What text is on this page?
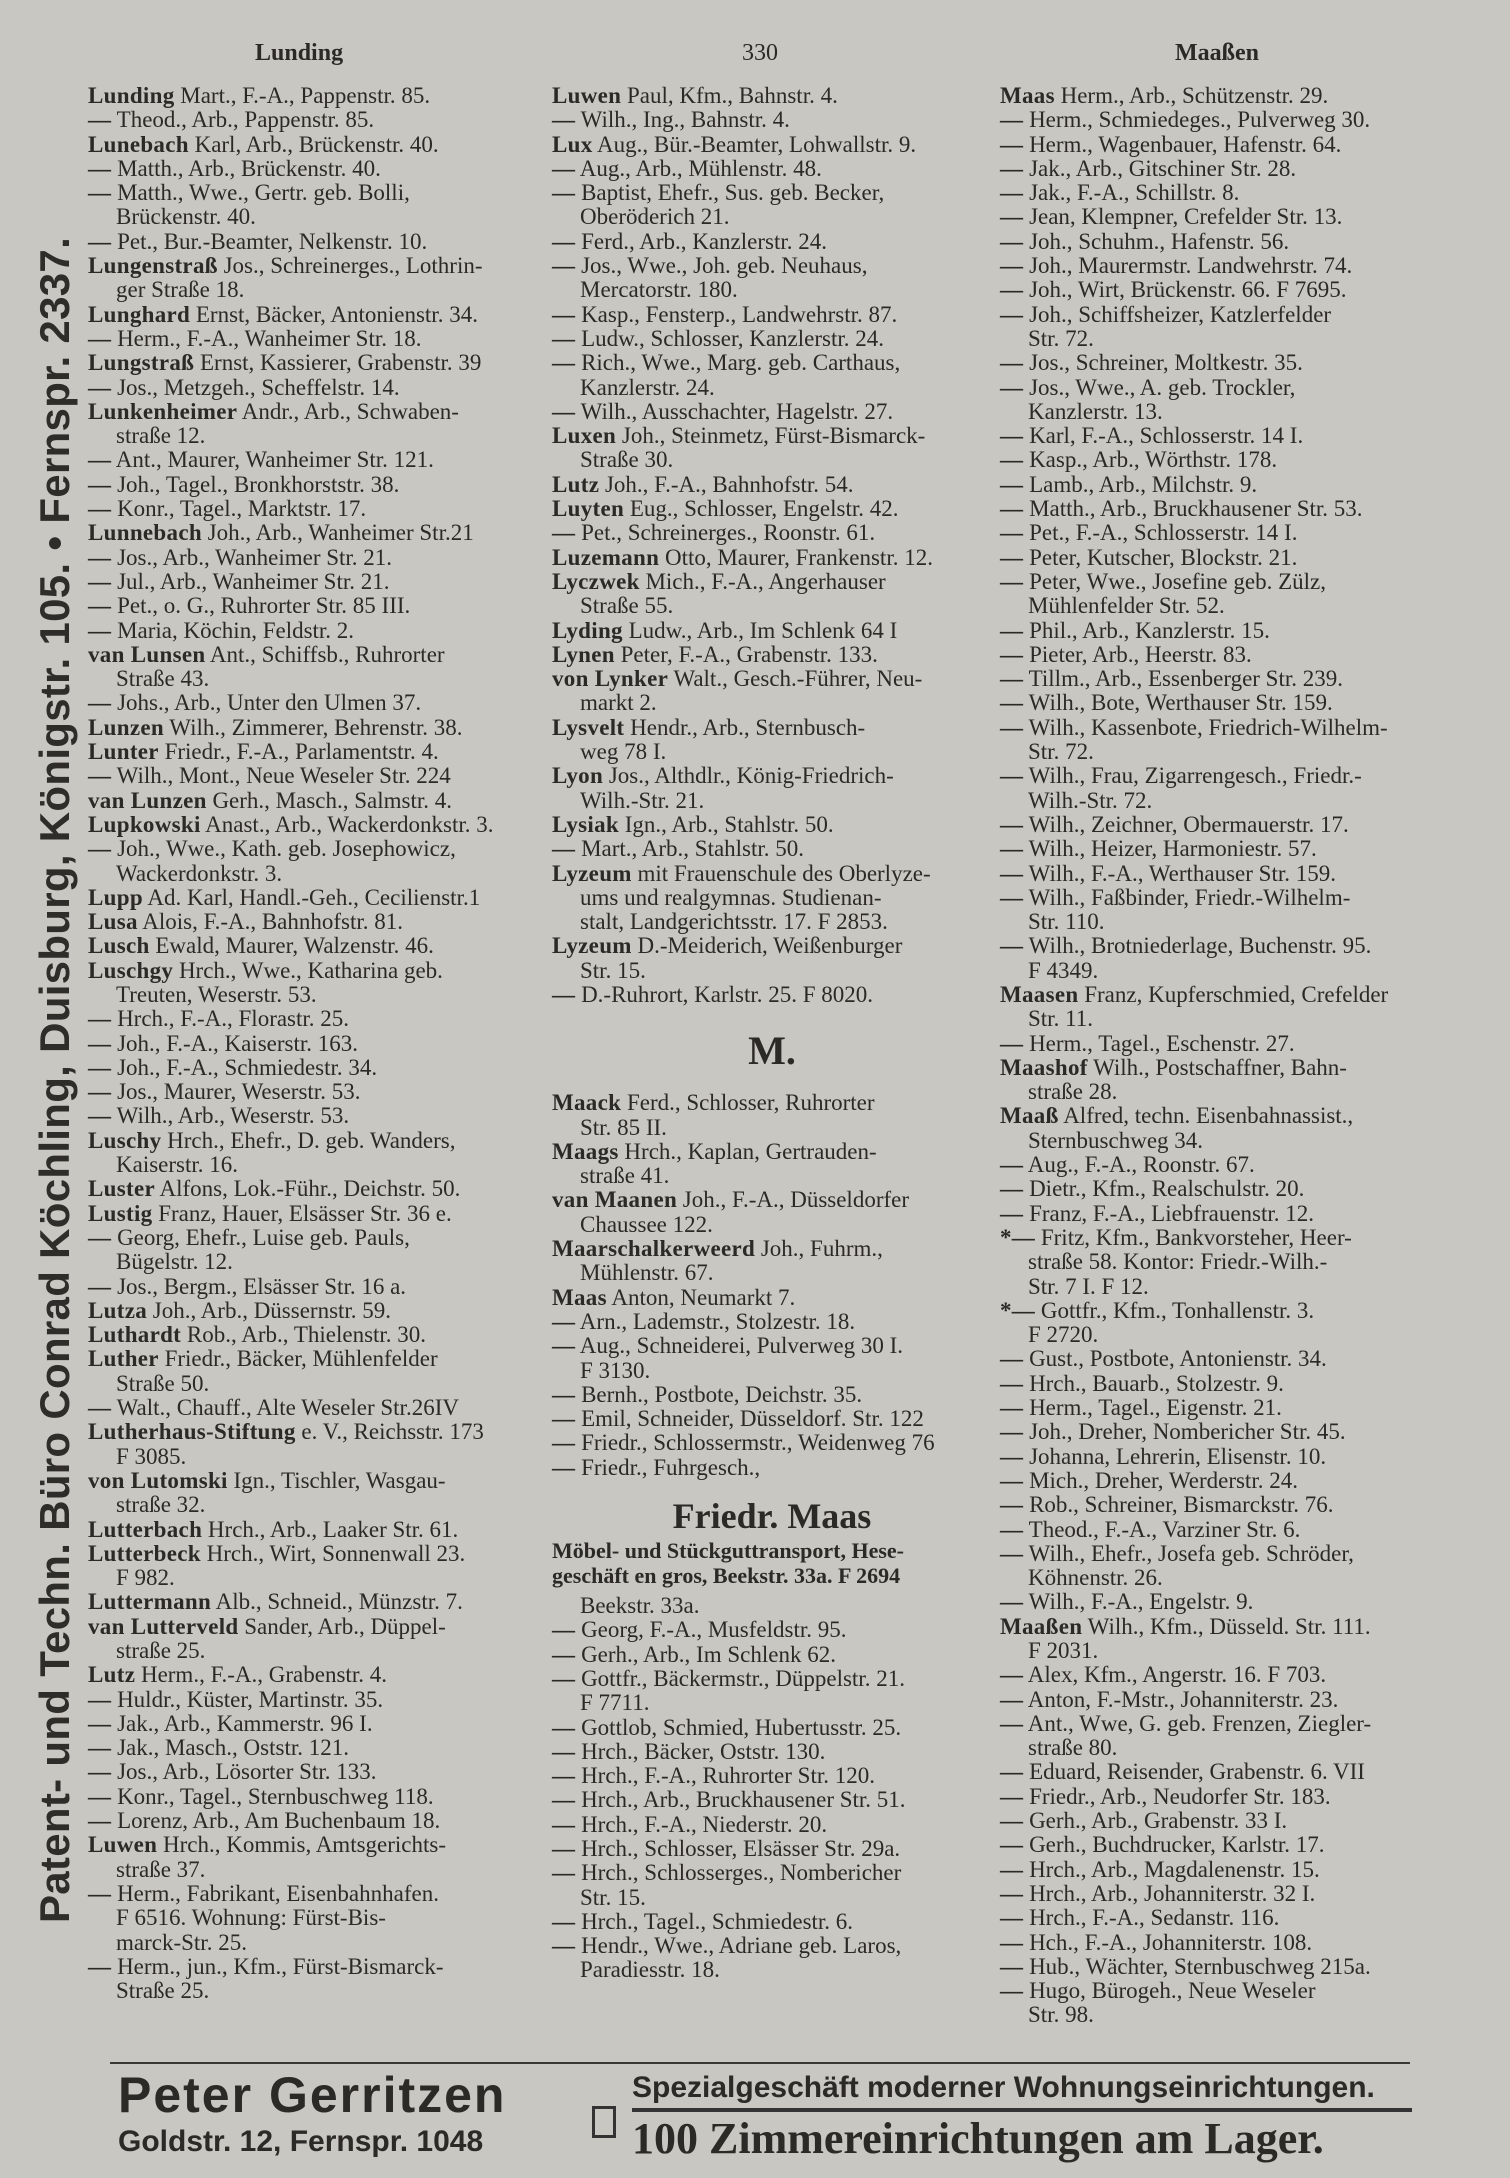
Patent- und Techn. Büro Conrad Köchling, Duisburg, Königstr. 105. • Fernspr. 2337.
Lunding	330	Maaßen
Lunding Mart., F.-A., Pappenstr. 85.
— Theod., Arb., Pappenstr. 85.
Lunebach Karl, Arb., Brückenstr. 40.
— Matth., Arb., Brückenstr. 40.
— Matth., Wwe., Gertr. geb. Bolli,
Brückenstr. 40.
— Pet., Bur.-Beamter, Nelkenstr. 10.
Lungenstraß Jos., Schreinerges., Lothrin-
ger Straße 18.
Lunghard Ernst, Bäcker, Antonienstr. 34.
— Herm., F.-A., Wanheimer Str. 18.
Lungstraß Ernst, Kassierer, Grabenstr. 39
— Jos., Metzgeh., Scheffelstr. 14.
Lunkenheimer Andr., Arb., Schwaben-
straße 12.
— Ant., Maurer, Wanheimer Str. 121.
— Joh., Tagel., Bronkhorststr. 38.
— Konr., Tagel., Marktstr. 17.
Lunnebach Joh., Arb., Wanheimer Str.21
— Jos., Arb., Wanheimer Str. 21.
— Jul., Arb., Wanheimer Str. 21.
— Pet., o. G., Ruhrorter Str. 85 III.
— Maria, Köchin, Feldstr. 2.
van Lunsen Ant., Schiffsb., Ruhrorter
Straße 43.
— Johs., Arb., Unter den Ulmen 37.
Lunzen Wilh., Zimmerer, Behrenstr. 38.
Lunter Friedr., F.-A., Parlamentstr. 4.
— Wilh., Mont., Neue Weseler Str. 224
van Lunzen Gerh., Masch., Salmstr. 4.
Lupkowski Anast., Arb., Wackerdonkstr. 3.
— Joh., Wwe., Kath. geb. Josephowicz,
Wackerdonkstr. 3.
Lupp Ad. Karl, Handl.-Geh., Cecilienstr.1
Lusa Alois, F.-A., Bahnhofstr. 81.
Lusch Ewald, Maurer, Walzenstr. 46.
Luschgy Hrch., Wwe., Katharina geb.
Treuten, Weserstr. 53.
— Hrch., F.-A., Florastr. 25.
— Joh., F.-A., Kaiserstr. 163.
— Joh., F.-A., Schmiedestr. 34.
— Jos., Maurer, Weserstr. 53.
— Wilh., Arb., Weserstr. 53.
Luschy Hrch., Ehefr., D. geb. Wanders,
Kaiserstr. 16.
Luster Alfons, Lok.-Führ., Deichstr. 50.
Lustig Franz, Hauer, Elsässer Str. 36 e.
— Georg, Ehefr., Luise geb. Pauls,
Bügelstr. 12.
— Jos., Bergm., Elsässer Str. 16 a.
Lutza Joh., Arb., Düssernstr. 59.
Luthardt Rob., Arb., Thielenstr. 30.
Luther Friedr., Bäcker, Mühlenfelder
Straße 50.
— Walt., Chauff., Alte Weseler Str.26IV
Lutherhaus-Stiftung e. V., Reichsstr. 173
F 3085.
von Lutomski Ign., Tischler, Wasgau-
straße 32.
Lutterbach Hrch., Arb., Laaker Str. 61.
Lutterbeck Hrch., Wirt, Sonnenwall 23.
F 982.
Luttermann Alb., Schneid., Münzstr. 7.
van Lutterveld Sander, Arb., Düppel-
straße 25.
Lutz Herm., F.-A., Grabenstr. 4.
— Huldr., Küster, Martinstr. 35.
— Jak., Arb., Kammerstr. 96 I.
— Jak., Masch., Oststr. 121.
— Jos., Arb., Lösorter Str. 133.
— Konr., Tagel., Sternbuschweg 118.
— Lorenz, Arb., Am Buchenbaum 18.
Luwen Hrch., Kommis, Amtsgerichts-
straße 37.
— Herm., Fabrikant, Eisenbahnhafen.
F 6516. Wohnung: Fürst-Bis-
marck-Str. 25.
— Herm., jun., Kfm., Fürst-Bismarck-
Straße 25.
Luwen Paul, Kfm., Bahnstr. 4.
— Wilh., Ing., Bahnstr. 4.
Lux Aug., Bür.-Beamter, Lohwallstr. 9.
— Aug., Arb., Mühlenstr. 48.
— Baptist, Ehefr., Sus. geb. Becker,
Oberöderich 21.
— Ferd., Arb., Kanzlerstr. 24.
— Jos., Wwe., Joh. geb. Neuhaus,
Mercatorstr. 180.
— Kasp., Fensterp., Landwehrstr. 87.
— Ludw., Schlosser, Kanzlerstr. 24.
— Rich., Wwe., Marg. geb. Carthaus,
Kanzlerstr. 24.
— Wilh., Ausschachter, Hagelstr. 27.
Luxen Joh., Steinmetz, Fürst-Bismarck-
Straße 30.
Lutz Joh., F.-A., Bahnhofstr. 54.
Luyten Eug., Schlosser, Engelstr. 42.
— Pet., Schreinerges., Roonstr. 61.
Luzemann Otto, Maurer, Frankenstr. 12.
Lyczwek Mich., F.-A., Angerhauser
Straße 55.
Lyding Ludw., Arb., Im Schlenk 64 I
Lynen Peter, F.-A., Grabenstr. 133.
von Lynker Walt., Gesch.-Führer, Neu-
markt 2.
Lysvelt Hendr., Arb., Sternbusch-
weg 78 I.
Lyon Jos., Althdlr., König-Friedrich-
Wilh.-Str. 21.
Lysiak Ign., Arb., Stahlstr. 50.
— Mart., Arb., Stahlstr. 50.
Lyzeum mit Frauenschule des Oberlyze-
ums und realgymnas. Studienan-
stalt, Landgerichtsstr. 17. F 2853.
Lyzeum D.-Meiderich, Weißenburger
Str. 15.
— D.-Ruhrort, Karlstr. 25. F 8020.
M.
Maack Ferd., Schlosser, Ruhrorter
Str. 85 II.
Maags Hrch., Kaplan, Gertrauden-
straße 41.
van Maanen Joh., F.-A., Düsseldorfer
Chaussee 122.
Maarschalkerweerd Joh., Fuhrm.,
Mühlenstr. 67.
Maas Anton, Neumarkt 7.
— Arn., Lademstr., Stolzestr. 18.
— Aug., Schneiderei, Pulverweg 30 I.
F 3130.
— Bernh., Postbote, Deichstr. 35.
— Emil, Schneider, Düsseldorf. Str. 122
— Friedr., Schlossermstr., Weidenweg 76
— Friedr., Fuhrgesch.,
Friedr. Maas
Möbel- und Stückguttransport, Hese-
geschäft en gros, Beekstr. 33a. F 2694
Beekstr. 33a.
— Georg, F.-A., Musfeldstr. 95.
— Gerh., Arb., Im Schlenk 62.
— Gottfr., Bäckermstr., Düppelstr. 21.
F 7711.
— Gottlob, Schmied, Hubertusstr. 25.
— Hrch., Bäcker, Oststr. 130.
— Hrch., F.-A., Ruhrorter Str. 120.
— Hrch., Arb., Bruckhausener Str. 51.
— Hrch., F.-A., Niederstr. 20.
— Hrch., Schlosser, Elsässer Str. 29a.
— Hrch., Schlosserges., Nombericher
Str. 15.
— Hrch., Tagel., Schmiedestr. 6.
— Hendr., Wwe., Adriane geb. Laros,
Paradiesstr. 18.
Maas Herm., Arb., Schützenstr. 29.
— Herm., Schmiedeges., Pulverweg 30.
— Herm., Wagenbauer, Hafenstr. 64.
— Jak., Arb., Gitschiner Str. 28.
— Jak., F.-A., Schillstr. 8.
— Jean, Klempner, Crefelder Str. 13.
— Joh., Schuhm., Hafenstr. 56.
— Joh., Maurermstr. Landwehrstr. 74.
— Joh., Wirt, Brückenstr. 66. F 7695.
— Joh., Schiffsheizer, Katzlerfelder
Str. 72.
— Jos., Schreiner, Moltkestr. 35.
— Jos., Wwe., A. geb. Trockler,
Kanzlerstr. 13.
— Karl, F.-A., Schlosserstr. 14 I.
— Kasp., Arb., Wörthstr. 178.
— Lamb., Arb., Milchstr. 9.
— Matth., Arb., Bruckhausener Str. 53.
— Pet., F.-A., Schlosserstr. 14 I.
— Peter, Kutscher, Blockstr. 21.
— Peter, Wwe., Josefine geb. Zülz,
Mühlenfelder Str. 52.
— Phil., Arb., Kanzlerstr. 15.
— Pieter, Arb., Heerstr. 83.
— Tillm., Arb., Essenberger Str. 239.
— Wilh., Bote, Werthauser Str. 159.
— Wilh., Kassenbote, Friedrich-Wilhelm-
Str. 72.
— Wilh., Frau, Zigarrengesch., Friedr.-
Wilh.-Str. 72.
— Wilh., Zeichner, Obermauerstr. 17.
— Wilh., Heizer, Harmoniestr. 57.
— Wilh., F.-A., Werthauser Str. 159.
— Wilh., Faßbinder, Friedr.-Wilhelm-
Str. 110.
— Wilh., Brotniederlage, Buchenstr. 95.
F 4349.
Maasen Franz, Kupferschmied, Crefelder
Str. 11.
— Herm., Tagel., Eschenstr. 27.
Maashof Wilh., Postschaffner, Bahn-
straße 28.
Maaß Alfred, techn. Eisenbahnassist.,
Sternbuschweg 34.
— Aug., F.-A., Roonstr. 67.
— Dietr., Kfm., Realschulstr. 20.
— Franz, F.-A., Liebfrauenstr. 12.
*— Fritz, Kfm., Bankvorsteher, Heer-
straße 58. Kontor: Friedr.-Wilh.-
Str. 7 I. F 12.
*— Gottfr., Kfm., Tonhallenstr. 3.
F 2720.
— Gust., Postbote, Antonienstr. 34.
— Hrch., Bauarb., Stolzestr. 9.
— Herm., Tagel., Eigenstr. 21.
— Joh., Dreher, Nombericher Str. 45.
— Johanna, Lehrerin, Elisenstr. 10.
— Mich., Dreher, Werderstr. 24.
— Rob., Schreiner, Bismarckstr. 76.
— Theod., F.-A., Varziner Str. 6.
— Wilh., Ehefr., Josefa geb. Schröder,
Köhnenstr. 26.
— Wilh., F.-A., Engelstr. 9.
Maaßen Wilh., Kfm., Düsseld. Str. 111.
F 2031.
— Alex, Kfm., Angerstr. 16. F 703.
— Anton, F.-Mstr., Johanniterstr. 23.
— Ant., Wwe, G. geb. Frenzen, Ziegler-
straße 80.
— Eduard, Reisender, Grabenstr. 6. VII
— Friedr., Arb., Neudorfer Str. 183.
— Gerh., Arb., Grabenstr. 33 I.
— Gerh., Buchdrucker, Karlstr. 17.
— Hrch., Arb., Magdalenenstr. 15.
— Hrch., Arb., Johanniterstr. 32 I.
— Hrch., F.-A., Sedanstr. 116.
— Hch., F.-A., Johanniterstr. 108.
— Hub., Wächter, Sternbuschweg 215a.
— Hugo, Bürogeh., Neue Weseler
Str. 98.
Peter Gerritzen
Goldstr. 12, Fernspr. 1048
Spezialgeschäft moderner Wohnungseinrichtungen.
100 Zimmereinrichtungen am Lager.
